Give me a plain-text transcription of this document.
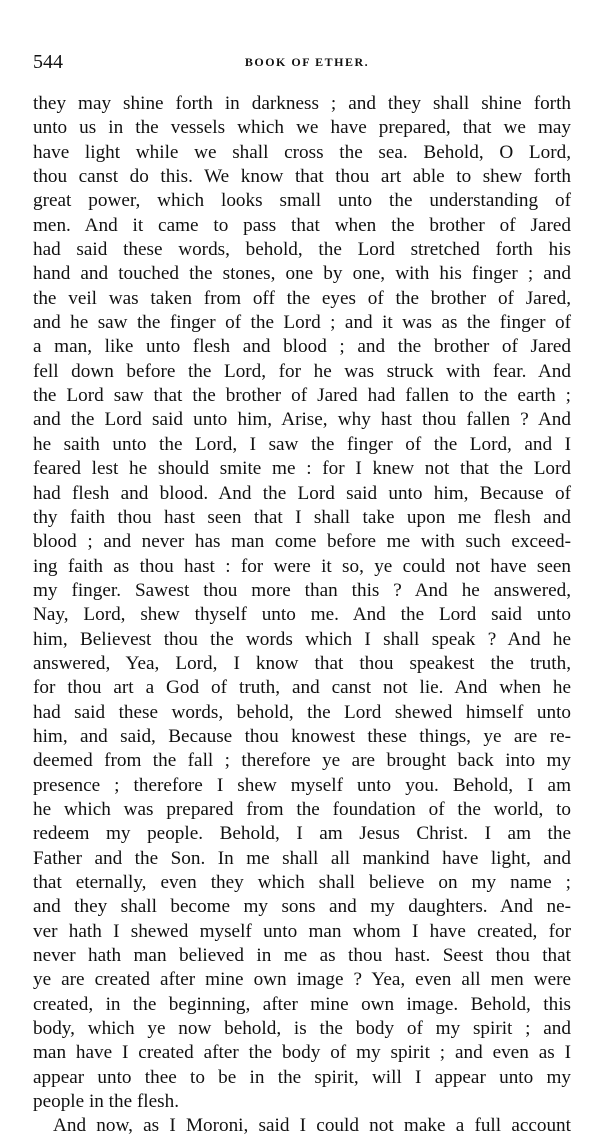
544	BOOK OF ETHER.
they may shine forth in darkness ; and they shall shine forth
unto us in the vessels which we have prepared, that we may
have light while we shall cross the sea. Behold, O Lord,
thou canst do this. We know that thou art able to shew forth
great power, which looks small unto the understanding of
men. And it came to pass that when the brother of Jared
had said these words, behold, the Lord stretched forth his
hand and touched the stones, one by one, with his finger ; and
the veil was taken from off the eyes of the brother of Jared,
and he saw the finger of the Lord ; and it was as the finger of
a man, like unto flesh and blood ; and the brother of Jared
fell down before the Lord, for he was struck with fear. And
the Lord saw that the brother of Jared had fallen to the earth ;
and the Lord said unto him, Arise, why hast thou fallen ? And
he saith unto the Lord, I saw the finger of the Lord, and I
feared lest he should smite me : for I knew not that the Lord
had flesh and blood. And the Lord said unto him, Because of
thy faith thou hast seen that I shall take upon me flesh and
blood ; and never has man come before me with such exceed-
ing faith as thou hast : for were it so, ye could not have seen
my finger. Sawest thou more than this ? And he answered,
Nay, Lord, shew thyself unto me. And the Lord said unto
him, Believest thou the words which I shall speak ? And he
answered, Yea, Lord, I know that thou speakest the truth,
for thou art a God of truth, and canst not lie. And when he
had said these words, behold, the Lord shewed himself unto
him, and said, Because thou knowest these things, ye are re-
deemed from the fall ; therefore ye are brought back into my
presence ; therefore I shew myself unto you. Behold, I am
he which was prepared from the foundation of the world, to
redeem my people. Behold, I am Jesus Christ. I am the
Father and the Son. In me shall all mankind have light, and
that eternally, even they which shall believe on my name ;
and they shall become my sons and my daughters. And ne-
ver hath I shewed myself unto man whom I have created, for
never hath man believed in me as thou hast. Seest thou that
ye are created after mine own image ? Yea, even all men were
created, in the beginning, after mine own image. Behold, this
body, which ye now behold, is the body of my spirit ; and
man have I created after the body of my spirit ; and even as I
appear unto thee to be in the spirit, will I appear unto my
people in the flesh.
And now, as I Moroni, said I could not make a full account
